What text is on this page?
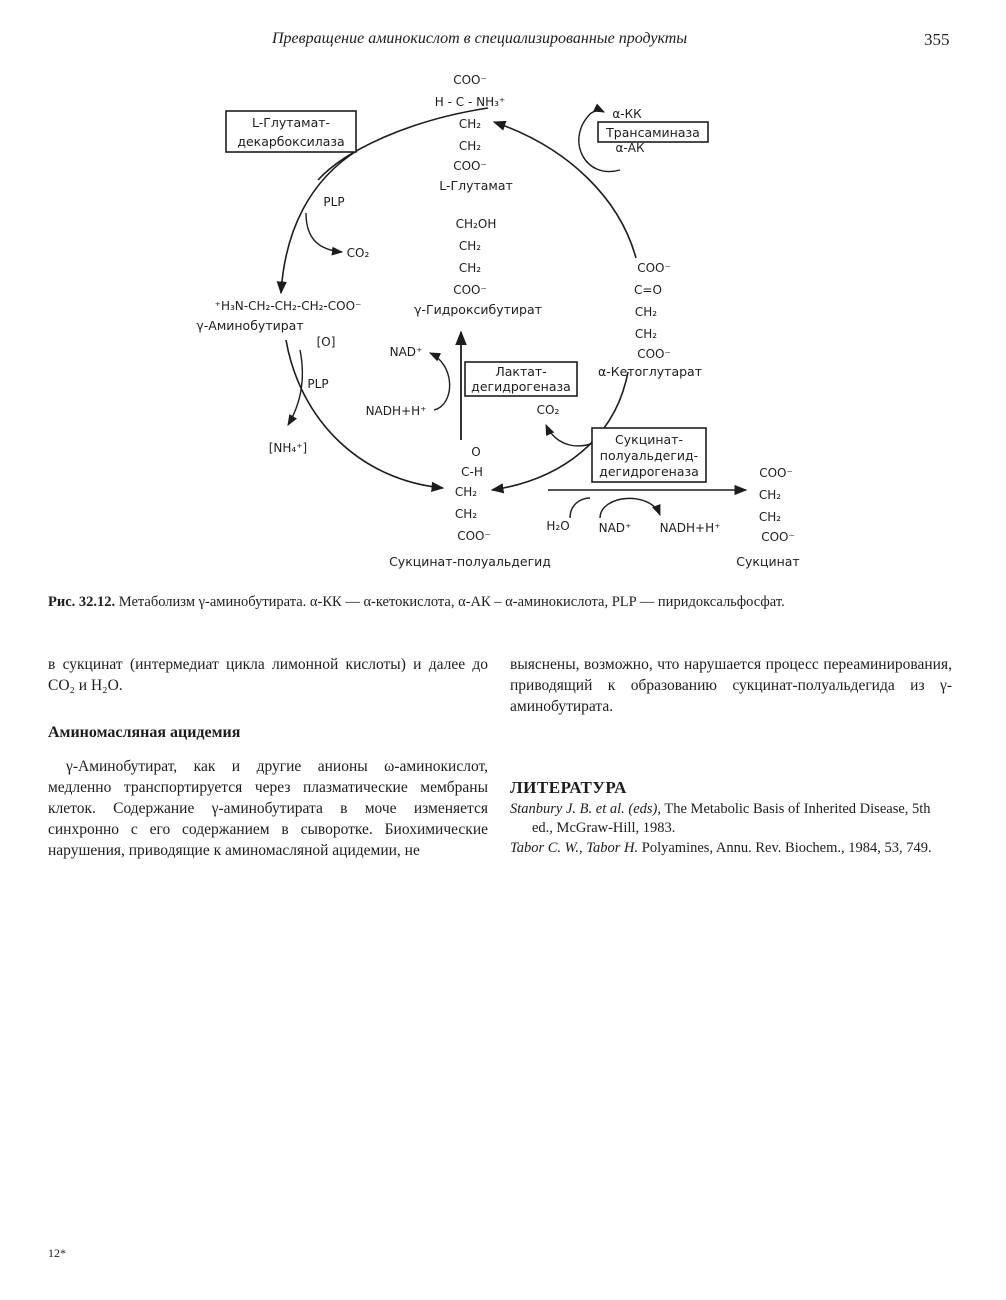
Превращение аминокислот в специализированные продукты	355
L-Глутамат-
декарбоксилаза
Трансаминаза
Лактат-
дегидрогеназа
Сукцинат-
полуальдегид-
дегидрогеназа
COO⁻
H - C - NH₃⁺
CH₂
CH₂
COO⁻
L-Глутамат
CH₂OH
CH₂
CH₂
COO⁻
γ-Гидроксибутират
COO⁻
C=O
CH₂
CH₂
COO⁻
α-Кетоглутарат
⁺H₃N-CH₂-CH₂-CH₂-COO⁻
γ-Аминобутират
O
C-H
CH₂
CH₂
COO⁻
Сукцинат-полуальдегид
COO⁻
CH₂
CH₂
COO⁻
Сукцинат
PLP
CO₂
[O]
PLP
[NH₄⁺]
NAD⁺
NADH+H⁺
α-КК
α-АК
CO₂
H₂O NAD⁺ NADH+H⁺
Рис. 32.12. Метаболизм γ-аминобутирата. α-КК — α-кетокислота, α-АК – α-аминокислота, PLP — пиридоксальфосфат.

в сукцинат (интермедиат цикла лимонной кислоты) и далее до CO₂ и H₂O.

Аминомасляная ацидемия

γ-Аминобутират, как и другие анионы ω-аминокислот, медленно транспортируется через плазматические мембраны клеток. Содержание γ-аминобутирата в моче изменяется синхронно с его содержанием в сыворотке. Биохимические нарушения, приводящие к аминомасляной ацидемии, не

выяснены, возможно, что нарушается процесс переаминирования, приводящий к образованию сукцинат-полуальдегида из γ-аминобутирата.

ЛИТЕРАТУРА

Stanbury J. B. et al. (eds), The Metabolic Basis of Inherited Disease, 5th ed., McGraw-Hill, 1983.

Tabor C. W., Tabor H. Polyamines, Annu. Rev. Biochem., 1984, 53, 749.

12*
